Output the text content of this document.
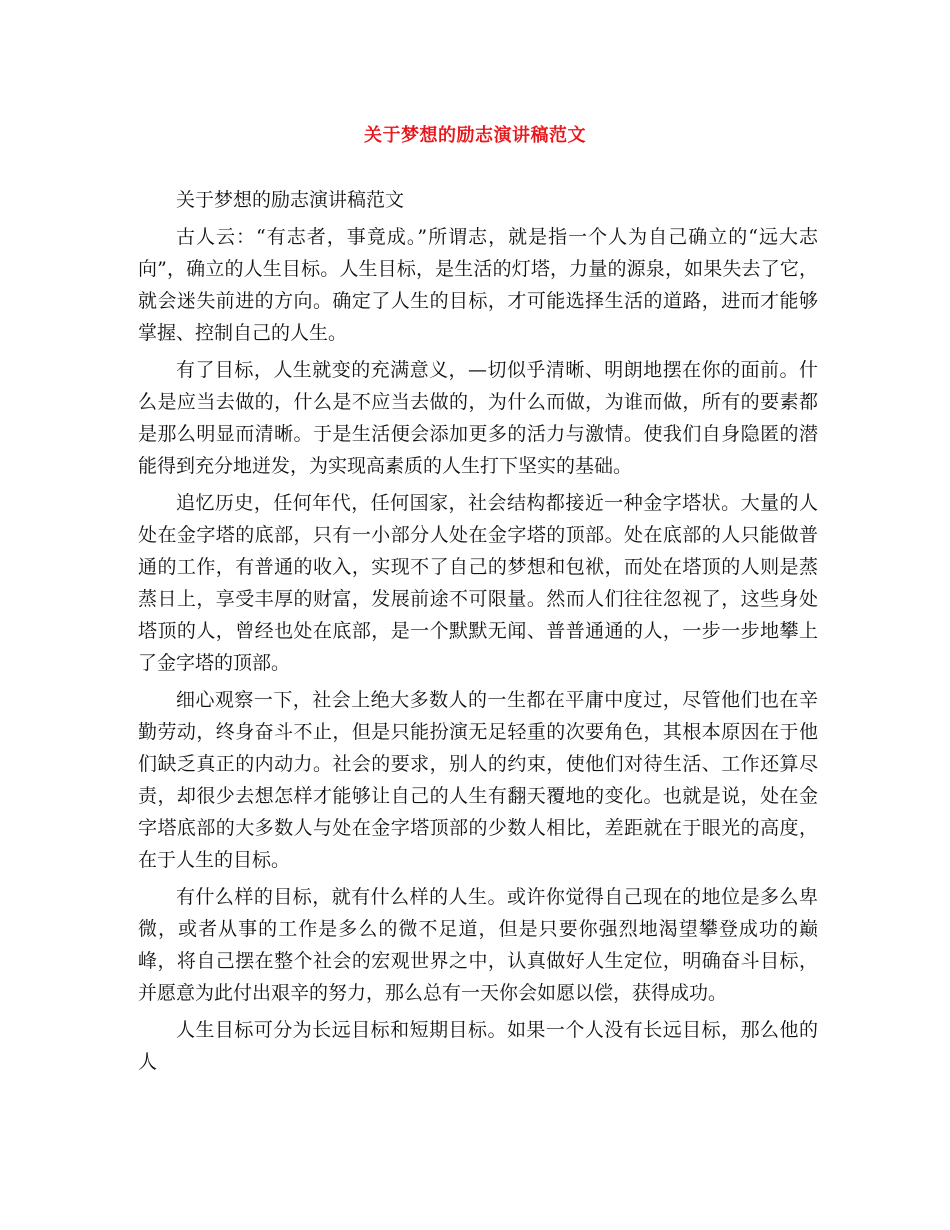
关于梦想的励志演讲稿范文

关于梦想的励志演讲稿范文

古人云：“有志者，事竟成。”所谓志，就是指一个人为自己确立的“远大志向”，确立的人生目标。人生目标，是生活的灯塔，力量的源泉，如果失去了它，就会迷失前进的方向。确定了人生的目标，才可能选择生活的道路，进而才能够掌握、控制自己的人生。

有了目标，人生就变的充满意义，—切似乎清晰、明朗地摆在你的面前。什么是应当去做的，什么是不应当去做的，为什么而做，为谁而做，所有的要素都是那么明显而清晰。于是生活便会添加更多的活力与激情。使我们自身隐匿的潜能得到充分地迸发，为实现高素质的人生打下坚实的基础。

追忆历史，任何年代，任何国家，社会结构都接近一种金字塔状。大量的人处在金字塔的底部，只有一小部分人处在金字塔的顶部。处在底部的人只能做普通的工作，有普通的收入，实现不了自己的梦想和包袱，而处在塔顶的人则是蒸蒸日上，享受丰厚的财富，发展前途不可限量。然而人们往往忽视了，这些身处塔顶的人，曾经也处在底部，是一个默默无闻、普普通通的人，一步一步地攀上了金字塔的顶部。

细心观察一下，社会上绝大多数人的一生都在平庸中度过，尽管他们也在辛勤劳动，终身奋斗不止，但是只能扮演无足轻重的次要角色，其根本原因在于他们缺乏真正的内动力。社会的要求，别人的约束，使他们对待生活、工作还算尽责，却很少去想怎样才能够让自己的人生有翻天覆地的变化。也就是说，处在金字塔底部的大多数人与处在金字塔顶部的少数人相比，差距就在于眼光的高度，在于人生的目标。

有什么样的目标，就有什么样的人生。或许你觉得自己现在的地位是多么卑微，或者从事的工作是多么的微不足道，但是只要你强烈地渴望攀登成功的巅峰，将自己摆在整个社会的宏观世界之中，认真做好人生定位，明确奋斗目标，并愿意为此付出艰辛的努力，那么总有一天你会如愿以偿，获得成功。

人生目标可分为长远目标和短期目标。如果一个人没有长远目标，那么他的人
